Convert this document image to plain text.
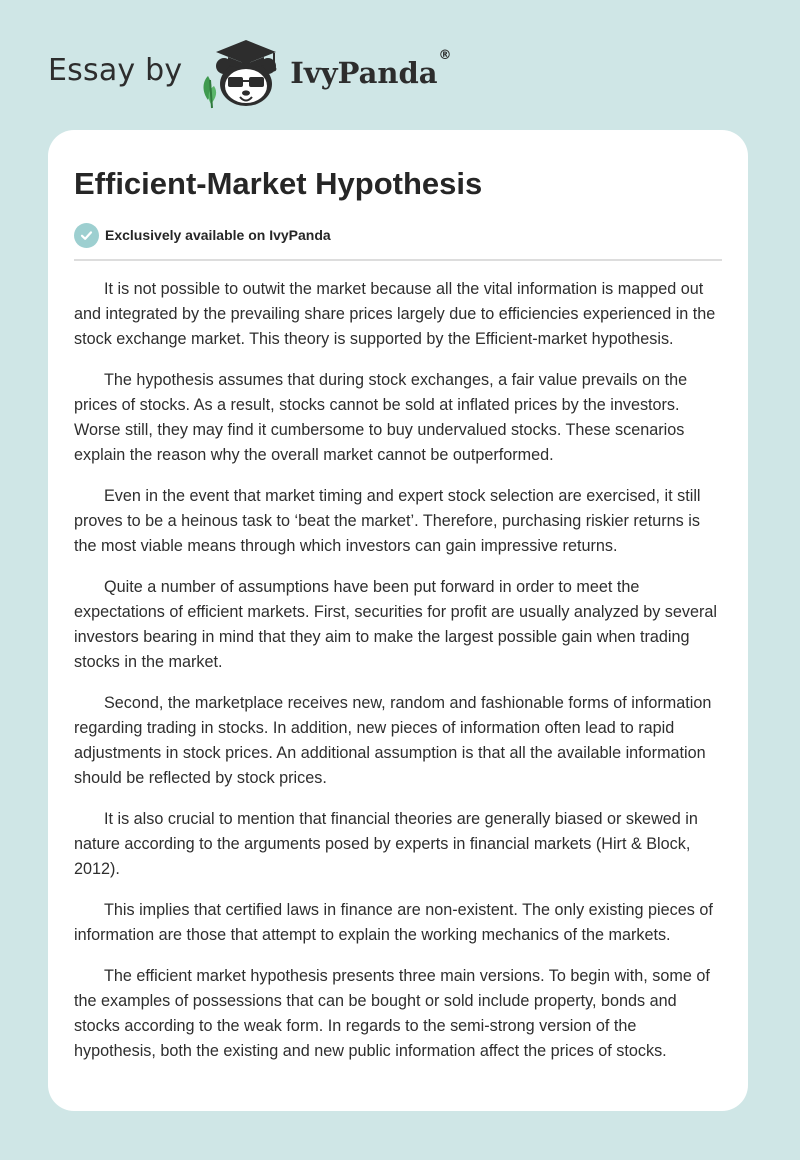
Essay by	IvyPanda®
Efficient-Market Hypothesis
Exclusively available on IvyPanda

It is not possible to outwit the market because all the vital information is mapped out and integrated by the prevailing share prices largely due to efficiencies experienced in the stock exchange market. This theory is supported by the Efficient-market hypothesis.

The hypothesis assumes that during stock exchanges, a fair value prevails on the prices of stocks. As a result, stocks cannot be sold at inflated prices by the investors. Worse still, they may find it cumbersome to buy undervalued stocks. These scenarios explain the reason why the overall market cannot be outperformed.

Even in the event that market timing and expert stock selection are exercised, it still proves to be a heinous task to ‘beat the market’. Therefore, purchasing riskier returns is the most viable means through which investors can gain impressive returns.

Quite a number of assumptions have been put forward in order to meet the expectations of efficient markets. First, securities for profit are usually analyzed by several investors bearing in mind that they aim to make the largest possible gain when trading stocks in the market.

Second, the marketplace receives new, random and fashionable forms of information regarding trading in stocks. In addition, new pieces of information often lead to rapid adjustments in stock prices. An additional assumption is that all the available information should be reflected by stock prices.

It is also crucial to mention that financial theories are generally biased or skewed in nature according to the arguments posed by experts in financial markets (Hirt & Block, 2012).

This implies that certified laws in finance are non-existent. The only existing pieces of information are those that attempt to explain the working mechanics of the markets.

The efficient market hypothesis presents three main versions. To begin with, some of the examples of possessions that can be bought or sold include property, bonds and stocks according to the weak form. In regards to the semi-strong version of the hypothesis, both the existing and new public information affect the prices of stocks.
